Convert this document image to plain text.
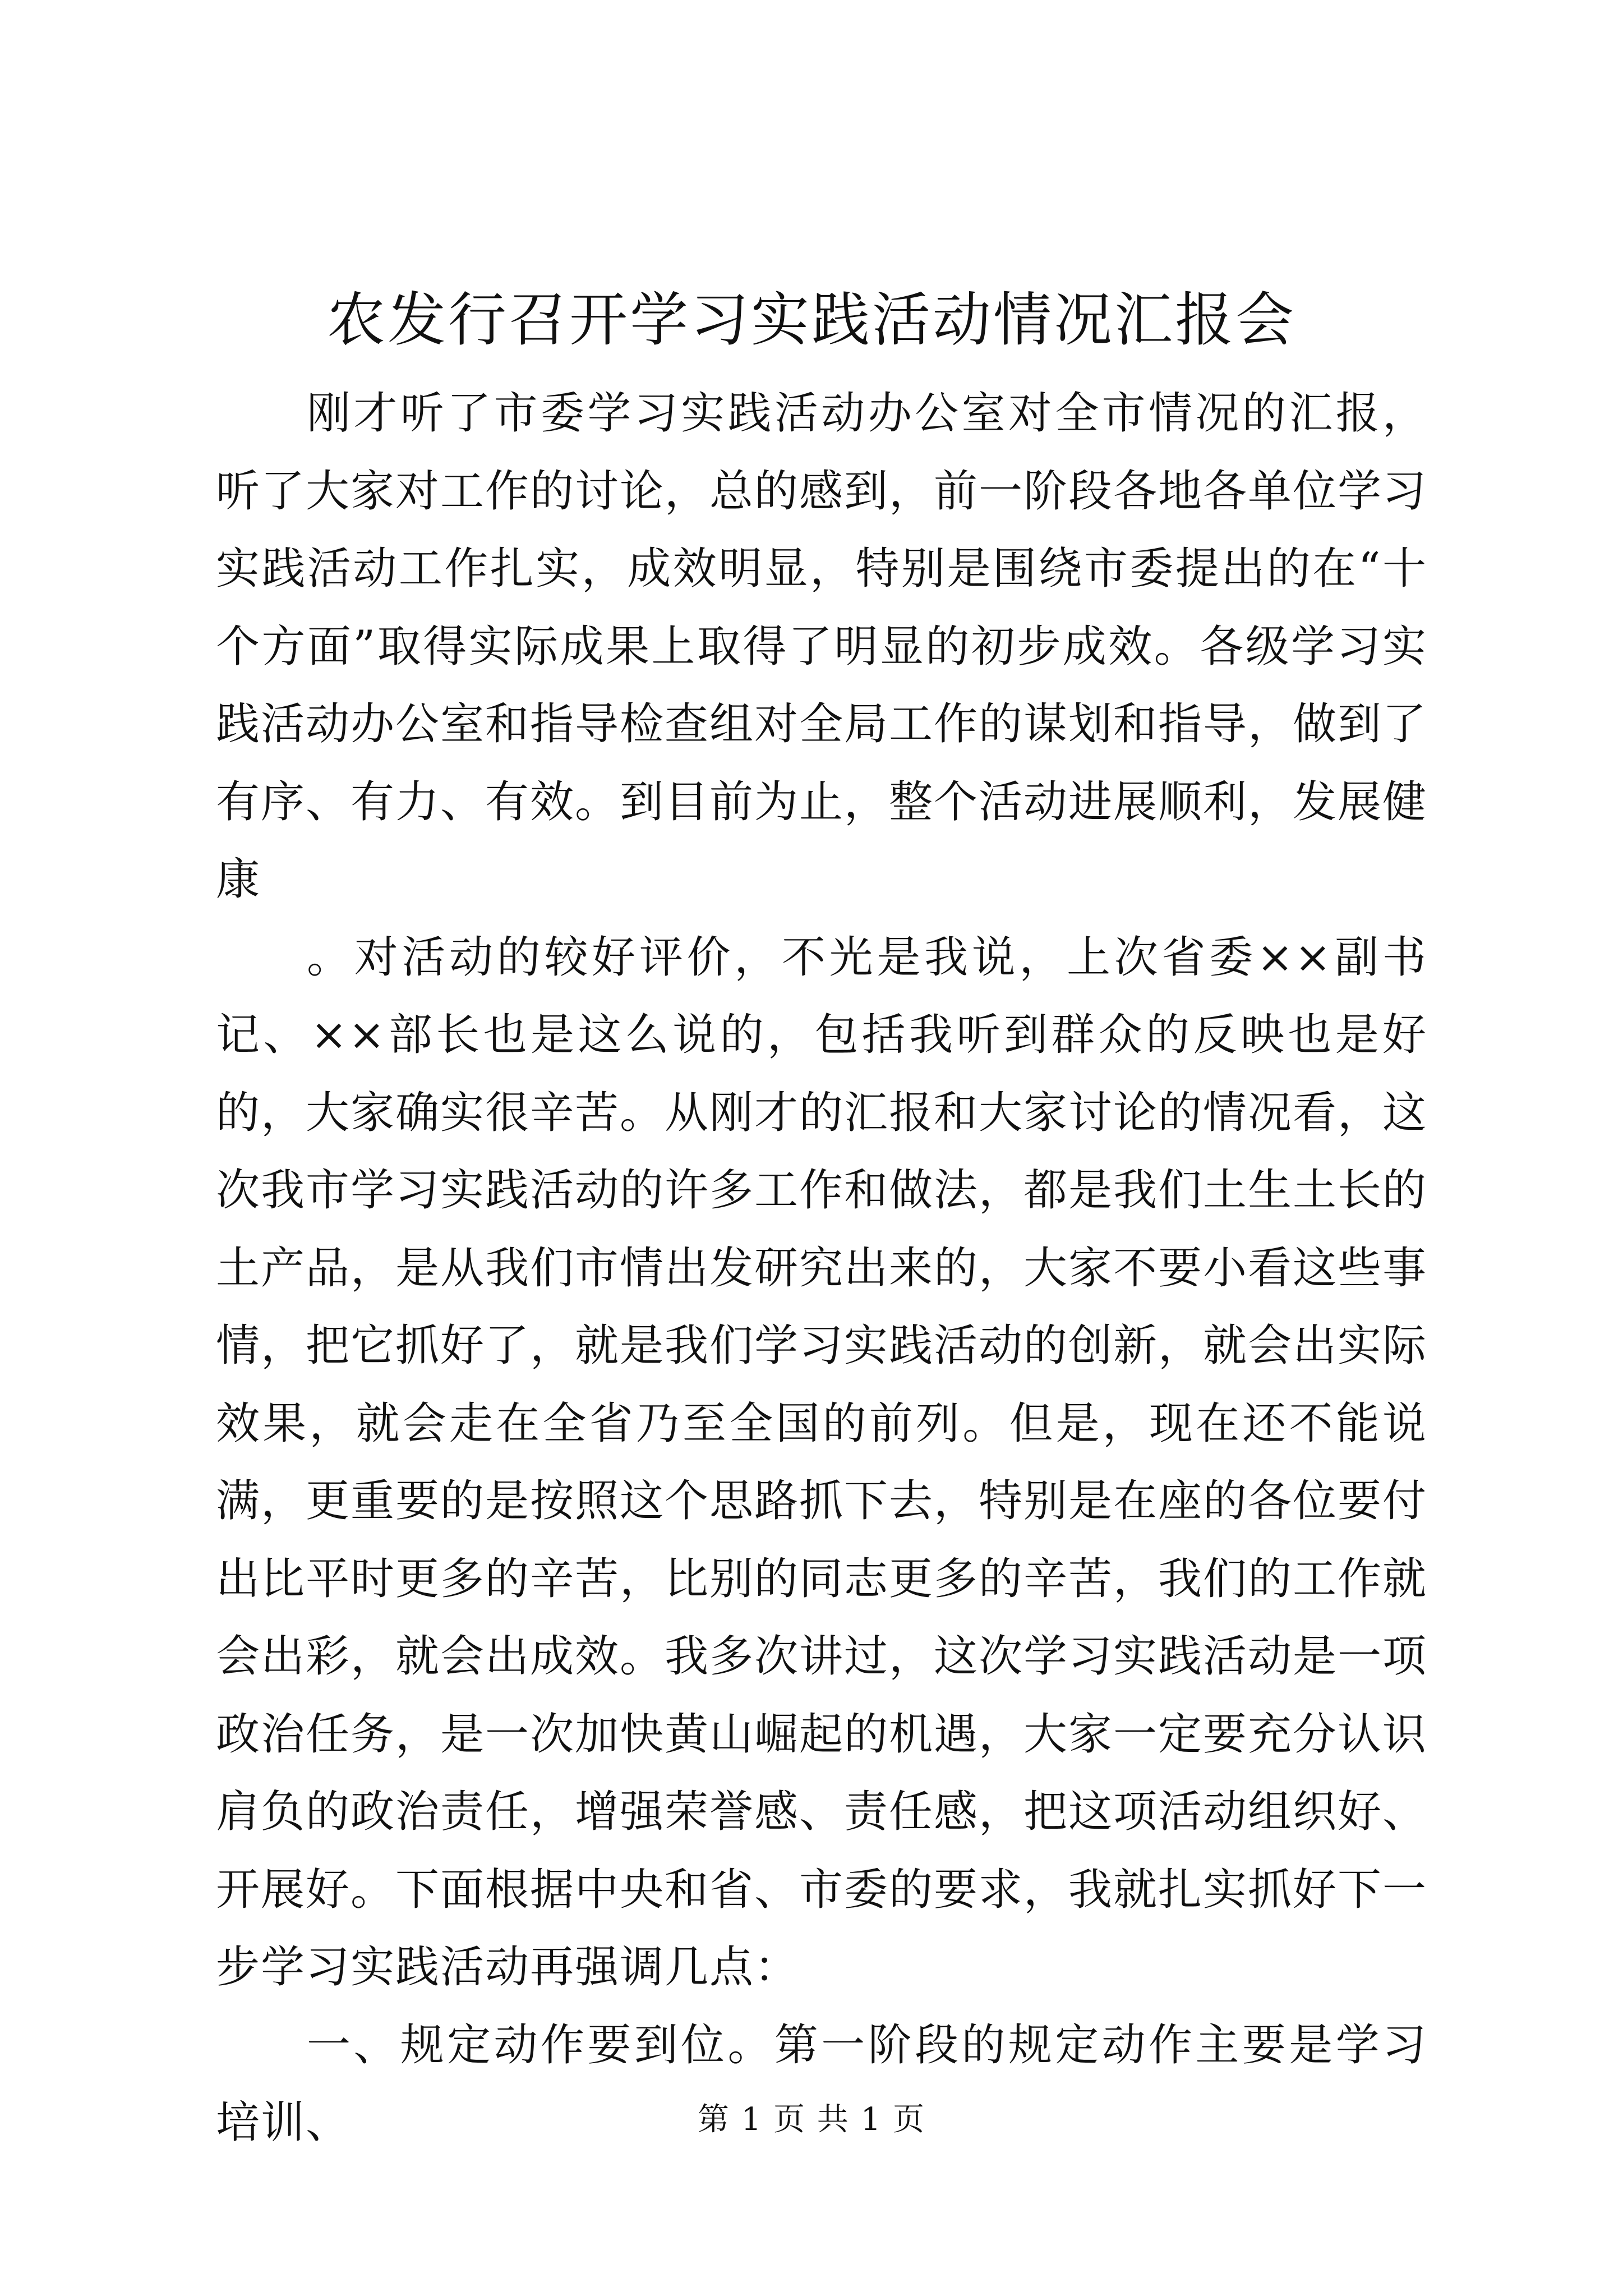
农发行召开学习实践活动情况汇报会

刚才听了市委学习实践活动办公室对全市情况的汇报，听了大家对工作的讨论，总的感到，前一阶段各地各单位学习实践活动工作扎实，成效明显，特别是围绕市委提出的在“十个方面”取得实际成果上取得了明显的初步成效。各级学习实践活动办公室和指导检查组对全局工作的谋划和指导，做到了有序、有力、有效。到目前为止，整个活动进展顺利，发展健康

。对活动的较好评价，不光是我说，上次省委××副书记、××部长也是这么说的，包括我听到群众的反映也是好的，大家确实很辛苦。从刚才的汇报和大家讨论的情况看，这次我市学习实践活动的许多工作和做法，都是我们土生土长的土产品，是从我们市情出发研究出来的，大家不要小看这些事情，把它抓好了，就是我们学习实践活动的创新，就会出实际效果，就会走在全省乃至全国的前列。但是，现在还不能说满，更重要的是按照这个思路抓下去，特别是在座的各位要付出比平时更多的辛苦，比别的同志更多的辛苦，我们的工作就会出彩，就会出成效。我多次讲过，这次学习实践活动是一项政治任务，是一次加快黄山崛起的机遇，大家一定要充分认识肩负的政治责任，增强荣誉感、责任感，把这项活动组织好、开展好。下面根据中央和省、市委的要求，我就扎实抓好下一步学习实践活动再强调几点：

一、规定动作要到位。第一阶段的规定动作主要是学习培训、	第 1 页 共 1 页
